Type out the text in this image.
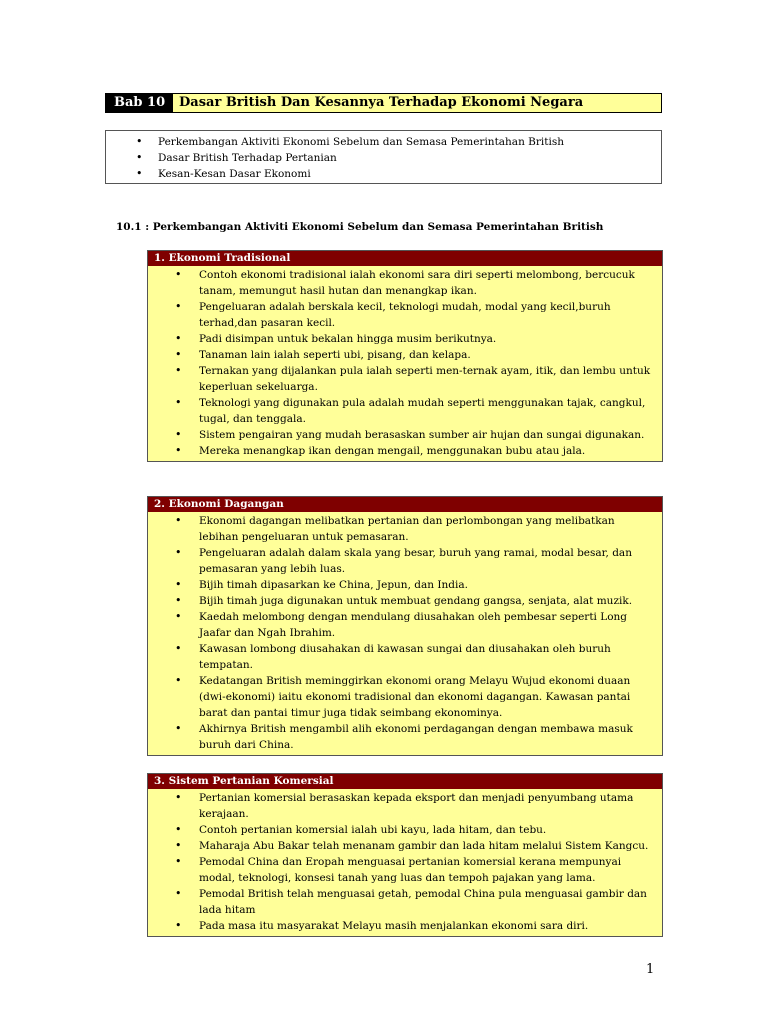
Bab 10	Dasar British Dan Kesannya Terhadap Ekonomi Negara
• Perkembangan Aktiviti Ekonomi Sebelum dan Semasa Pemerintahan British
• Dasar British Terhadap Pertanian
• Kesan-Kesan Dasar Ekonomi
10.1 : Perkembangan Aktiviti Ekonomi Sebelum dan Semasa Pemerintahan British
1. Ekonomi Tradisional
• Contoh ekonomi tradisional ialah ekonomi sara diri seperti melombong, bercucuk tanam, memungut hasil hutan dan menangkap ikan.
• Pengeluaran adalah berskala kecil, teknologi mudah, modal yang kecil,buruh terhad,dan pasaran kecil.
• Padi disimpan untuk bekalan hingga musim berikutnya.
• Tanaman lain ialah seperti ubi, pisang, dan kelapa.
• Ternakan yang dijalankan pula ialah seperti men-ternak ayam, itik, dan lembu untuk keperluan sekeluarga.
• Teknologi yang digunakan pula adalah mudah seperti menggunakan tajak, cangkul, tugal, dan tenggala.
• Sistem pengairan yang mudah berasaskan sumber air hujan dan sungai digunakan.
• Mereka menangkap ikan dengan mengail, menggunakan bubu atau jala.
2. Ekonomi Dagangan
• Ekonomi dagangan melibatkan pertanian dan perlombongan yang melibatkan lebihan pengeluaran untuk pemasaran.
• Pengeluaran adalah dalam skala yang besar, buruh yang ramai, modal besar, dan pemasaran yang lebih luas.
• Bijih timah dipasarkan ke China, Jepun, dan India.
• Bijih timah juga digunakan untuk membuat gendang gangsa, senjata, alat muzik.
• Kaedah melombong dengan mendulang diusahakan oleh pembesar seperti Long Jaafar dan Ngah Ibrahim.
• Kawasan lombong diusahakan di kawasan sungai dan diusahakan oleh buruh tempatan.
• Kedatangan British meminggirkan ekonomi orang Melayu Wujud ekonomi duaan (dwi-ekonomi) iaitu ekonomi tradisional dan ekonomi dagangan. Kawasan pantai barat dan pantai timur juga tidak seimbang ekonominya.
• Akhirnya British mengambil alih ekonomi perdagangan dengan membawa masuk buruh dari China.
3. Sistem Pertanian Komersial
• Pertanian komersial berasaskan kepada eksport dan menjadi penyumbang utama kerajaan.
• Contoh pertanian komersial ialah ubi kayu, lada hitam, dan tebu.
• Maharaja Abu Bakar telah menanam gambir dan lada hitam melalui Sistem Kangcu.
• Pemodal China dan Eropah menguasai pertanian komersial kerana mempunyai modal, teknologi, konsesi tanah yang luas dan tempoh pajakan yang lama.
• Pemodal British telah menguasai getah, pemodal China pula menguasai gambir dan lada hitam
• Pada masa itu masyarakat Melayu masih menjalankan ekonomi sara diri.
1
